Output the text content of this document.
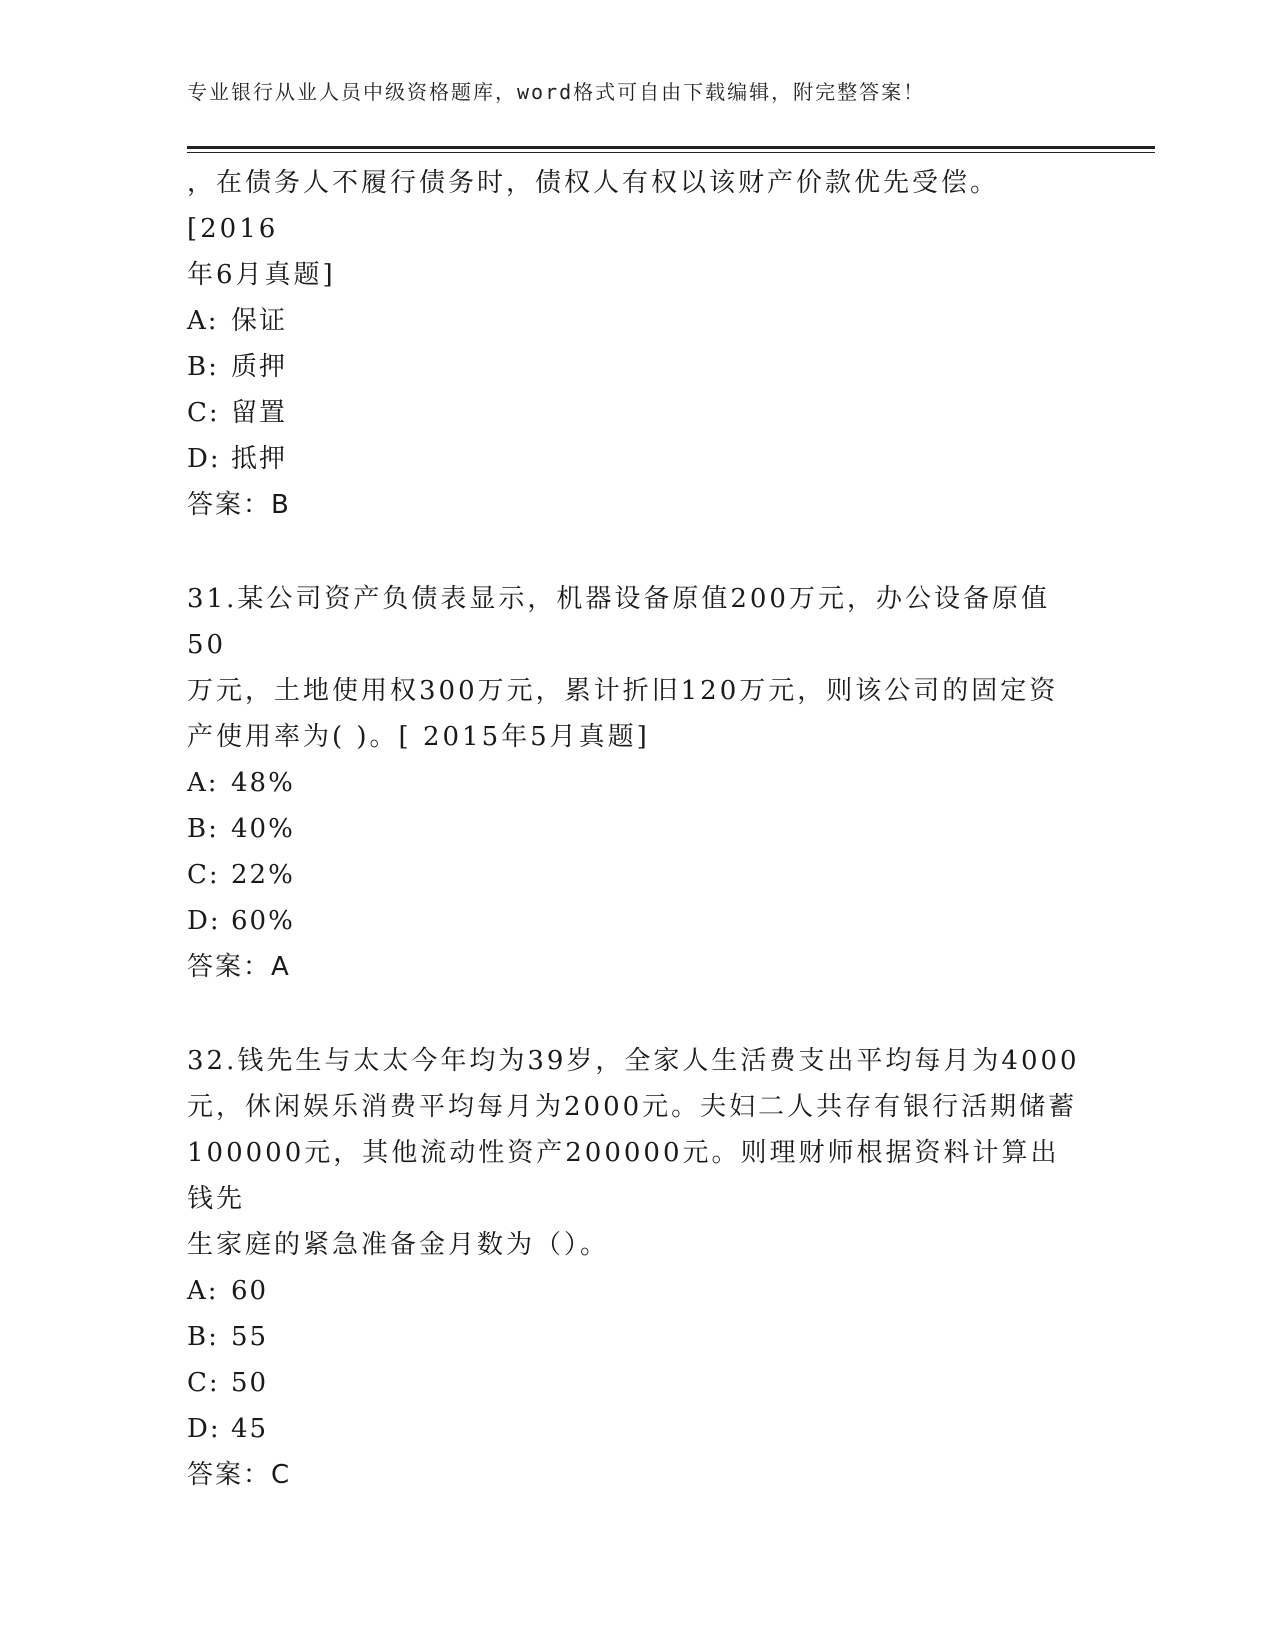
专业银行从业人员中级资格题库，word格式可自由下载编辑，附完整答案！
，在债务人不履行债务时，债权人有权以该财产价款优先受偿。[2016
年6月真题]
A: 保证
B: 质押
C: 留置
D: 抵押
答案：B
31.某公司资产负债表显示，机器设备原值200万元，办公设备原值50
万元，土地使用权300万元，累计折旧120万元，则该公司的固定资
产使用率为( )。[ 2015年5月真题]
A: 48%
B: 40%
C: 22%
D: 60%
答案：A
32.钱先生与太太今年均为39岁，全家人生活费支出平均每月为4000
元，休闲娱乐消费平均每月为2000元。夫妇二人共存有银行活期储蓄
100000元，其他流动性资产200000元。则理财师根据资料计算出钱先
生家庭的紧急准备金月数为（）。
A: 60
B: 55
C: 50
D: 45
答案：C
